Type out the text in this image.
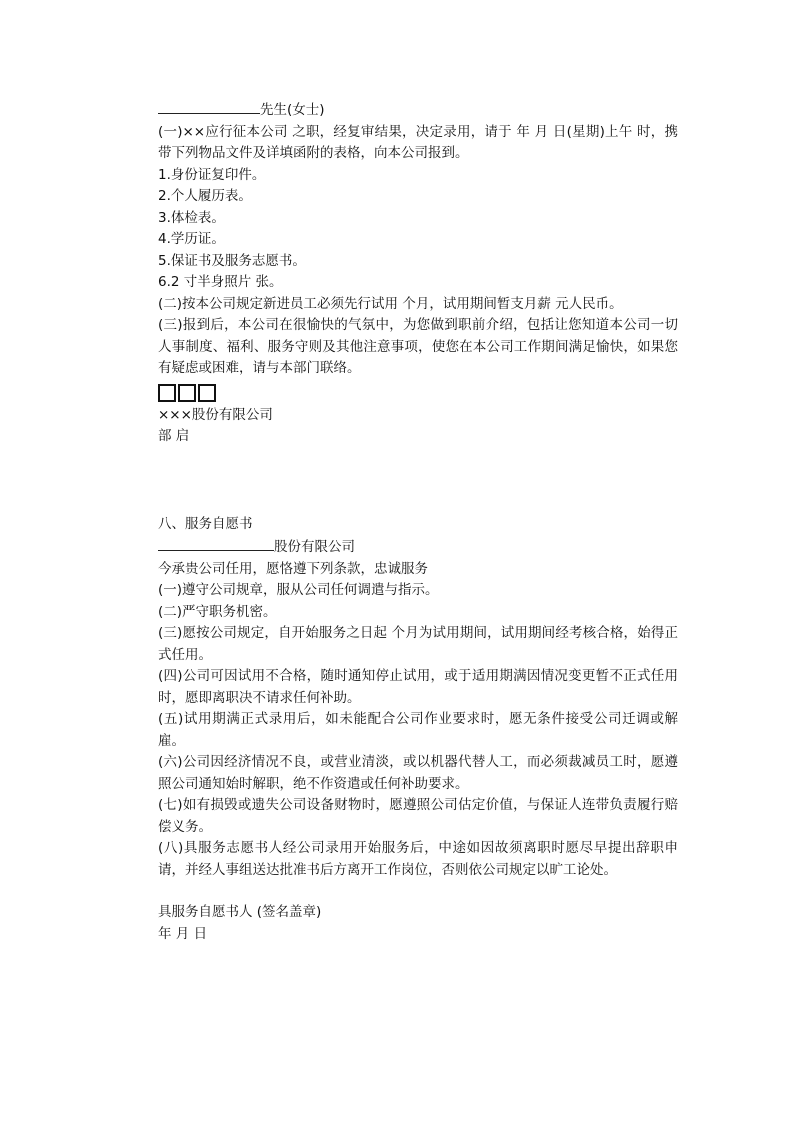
先生(女士)
(一)××应行征本公司 之职，经复审结果，决定录用，请于 年 月 日(星期)上午 时，携带下列物品文件及详填函附的表格，向本公司报到。
1.身份证复印件。
2.个人履历表。
3.体检表。
4.学历证。
5.保证书及服务志愿书。
6.2 寸半身照片 张。
(二)按本公司规定新进员工必须先行试用 个月，试用期间暂支月薪 元人民币。
(三)报到后，本公司在很愉快的气氛中，为您做到职前介绍，包括让您知道本公司一切人事制度、福利、服务守则及其他注意事项，使您在本公司工作期间满足愉快，如果您有疑虑或困难，请与本部门联络。
×××股份有限公司
部 启
八、服务自愿书
股份有限公司
今承贵公司任用，愿恪遵下列条款，忠诚服务
(一)遵守公司规章，服从公司任何调遣与指示。
(二)严守职务机密。
(三)愿按公司规定，自开始服务之日起 个月为试用期间，试用期间经考核合格，始得正式任用。
(四)公司可因试用不合格，随时通知停止试用，或于适用期满因情况变更暂不正式任用时，愿即离职决不请求任何补助。
(五)试用期满正式录用后，如未能配合公司作业要求时，愿无条件接受公司迁调或解雇。
(六)公司因经济情况不良，或营业清淡，或以机器代替人工，而必须裁减员工时，愿遵照公司通知始时解职，绝不作资遣或任何补助要求。
(七)如有损毁或遗失公司设备财物时，愿遵照公司估定价值，与保证人连带负责履行赔偿义务。
(八)具服务志愿书人经公司录用开始服务后，中途如因故须离职时愿尽早提出辞职申请，并经人事组送达批准书后方离开工作岗位，否则依公司规定以旷工论处。
具服务自愿书人 (签名盖章)
年 月 日
